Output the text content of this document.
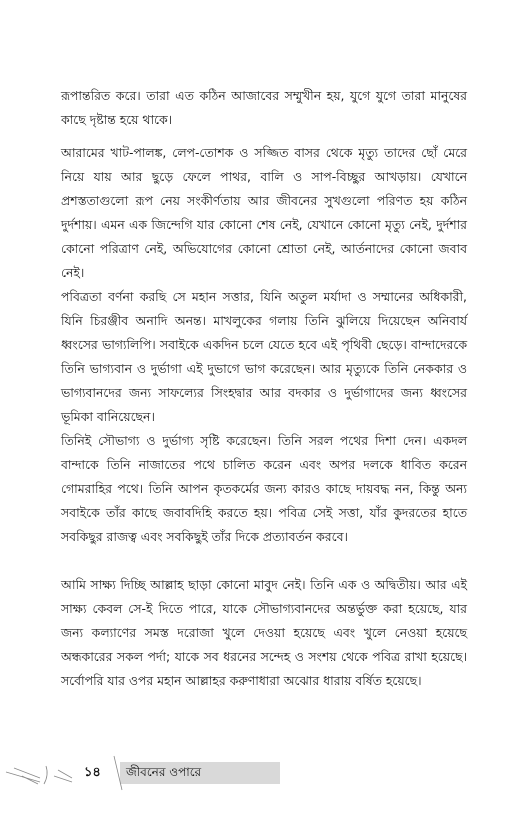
রূপান্তরিত করে। তারা এত কঠিন আজাবের সম্মুখীন হয়, যুগে যুগে তারা মানুষের কাছে দৃষ্টান্ত হয়ে থাকে।

আরামের খাট-পালঙ্ক, লেপ-তোশক ও সজ্জিত বাসর থেকে মৃত্যু তাদের ছোঁ মেরে নিয়ে যায় আর ছুড়ে ফেলে পাথর, বালি ও সাপ-বিচ্ছুর আখড়ায়। যেখানে প্রশস্ততাগুলো রূপ নেয় সংকীর্ণতায় আর জীবনের সুখগুলো পরিণত হয় কঠিন দুর্দশায়। এমন এক জিন্দেগি যার কোনো শেষ নেই, যেখানে কোনো মৃত্যু নেই, দুর্দশার কোনো পরিত্রাণ নেই, অভিযোগের কোনো শ্রোতা নেই, আর্তনাদের কোনো জবাব নেই।

পবিত্রতা বর্ণনা করছি সে মহান সত্তার, যিনি অতুল মর্যাদা ও সম্মানের অধিকারী, যিনি চিরঞ্জীব অনাদি অনন্ত। মাখলুকের গলায় তিনি ঝুলিয়ে দিয়েছেন অনিবার্য ধ্বংসের ভাগ্যলিপি। সবাইকে একদিন চলে যেতে হবে এই পৃথিবী ছেড়ে। বান্দাদেরকে তিনি ভাগ্যবান ও দুর্ভাগা এই দুভাগে ভাগ করেছেন। আর মৃত্যুকে তিনি নেককার ও ভাগ্যবানদের জন্য সাফল্যের সিংহদ্বার আর বদকার ও দুর্ভাগাদের জন্য ধ্বংসের ভূমিকা বানিয়েছেন।

তিনিই সৌভাগ্য ও দুর্ভাগ্য সৃষ্টি করেছেন। তিনি সরল পথের দিশা দেন। একদল বান্দাকে তিনি নাজাতের পথে চালিত করেন এবং অপর দলকে ধাবিত করেন গোমরাহির পথে। তিনি আপন কৃতকর্মের জন্য কারও কাছে দায়বদ্ধ নন, কিন্তু অন্য সবাইকে তাঁর কাছে জবাবদিহি করতে হয়। পবিত্র সেই সত্তা, যাঁর কুদরতের হাতে সবকিছুর রাজত্ব এবং সবকিছুই তাঁর দিকে প্রত্যাবর্তন করবে।

আমি সাক্ষ্য দিচ্ছি আল্লাহ ছাড়া কোনো মাবুদ নেই। তিনি এক ও অদ্বিতীয়। আর এই সাক্ষ্য কেবল সে-ই দিতে পারে, যাকে সৌভাগ্যবানদের অন্তর্ভুক্ত করা হয়েছে, যার জন্য কল্যাণের সমস্ত দরোজা খুলে দেওয়া হয়েছে এবং খুলে নেওয়া হয়েছে অন্ধকারের সকল পর্দা; যাকে সব ধরনের সন্দেহ ও সংশয় থেকে পবিত্র রাখা হয়েছে। সর্বোপরি যার ওপর মহান আল্লাহর করুণাধারা অঝোর ধারায় বর্ষিত হয়েছে।

১৪ জীবনের ওপারে
